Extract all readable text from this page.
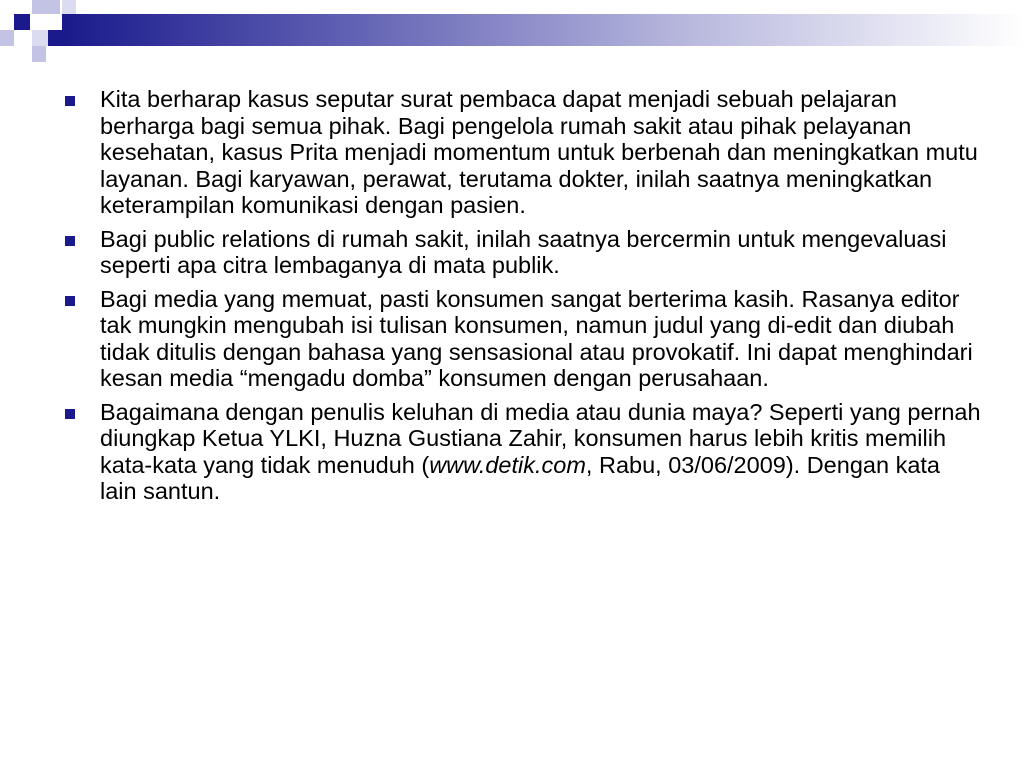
Kita berharap kasus seputar surat pembaca dapat menjadi sebuah pelajaran berharga bagi semua pihak. Bagi pengelola rumah sakit atau pihak pelayanan kesehatan, kasus Prita menjadi momentum untuk berbenah dan meningkatkan mutu layanan. Bagi karyawan, perawat, terutama dokter, inilah saatnya meningkatkan keterampilan komunikasi dengan pasien.
Bagi public relations di rumah sakit, inilah saatnya bercermin untuk mengevaluasi seperti apa citra lembaganya di mata publik.
Bagi media yang memuat, pasti konsumen sangat berterima kasih. Rasanya editor tak mungkin mengubah isi tulisan konsumen, namun judul yang di-edit dan diubah tidak ditulis dengan bahasa yang sensasional atau provokatif. Ini dapat menghindari kesan media “mengadu domba” konsumen dengan perusahaan.
Bagaimana dengan penulis keluhan di media atau dunia maya? Seperti yang pernah diungkap Ketua YLKI, Huzna Gustiana Zahir, konsumen harus lebih kritis memilih kata-kata yang tidak menuduh (www.detik.com, Rabu, 03/06/2009). Dengan kata lain santun.
